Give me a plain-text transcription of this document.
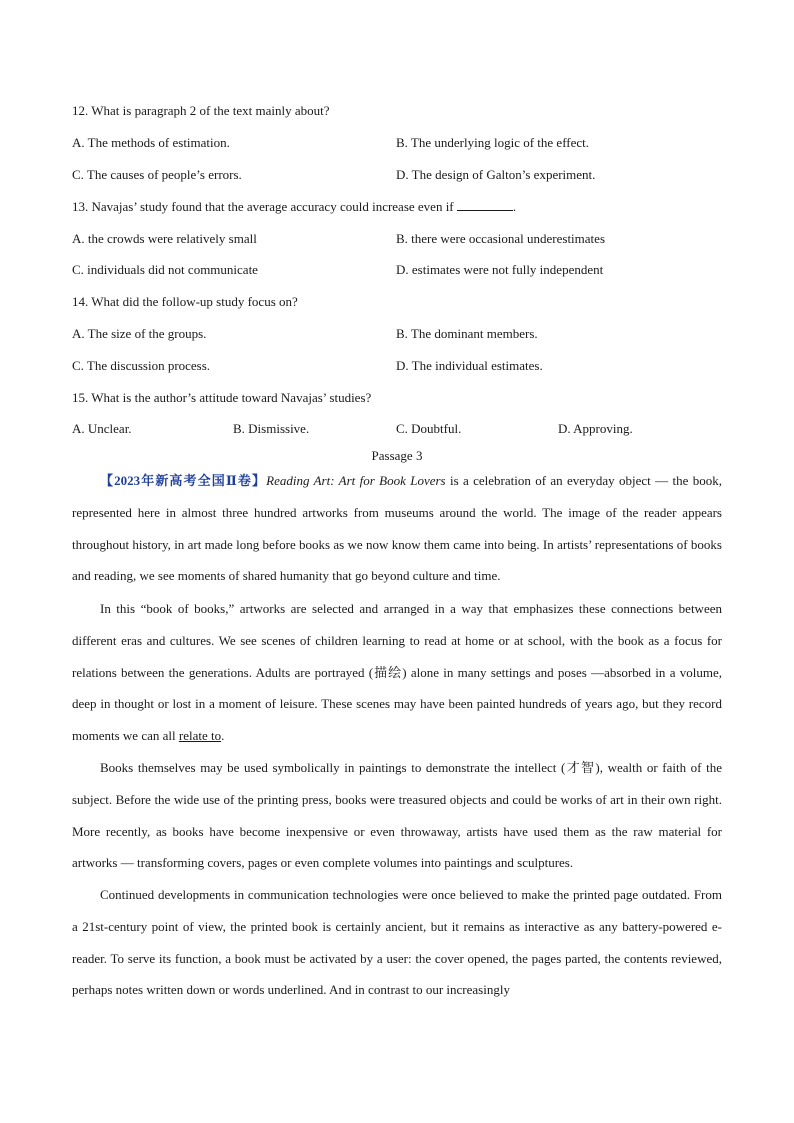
12. What is paragraph 2 of the text mainly about?
A. The methods of estimation.	B. The underlying logic of the effect.
C. The causes of people’s errors.	D. The design of Galton’s experiment.
13. Navajas’ study found that the average accuracy could increase even if	.
A. the crowds were relatively small	B. there were occasional underestimates
C. individuals did not communicate	D. estimates were not fully independent
14. What did the follow-up study focus on?
A. The size of the groups.	B. The dominant members.
C. The discussion process.	D. The individual estimates.
15. What is the author’s attitude toward Navajas’ studies?
A. Unclear.	B. Dismissive.	C. Doubtful.	D. Approving.
Passage 3
【2023年新高考全国Ⅱ卷】Reading Art: Art for Book Lovers is a celebration of an everyday object — the book, represented here in almost three hundred artworks from museums around the world. The image of the reader appears throughout history, in art made long before books as we now know them came into being. In artists’ representations of books and reading, we see moments of shared humanity that go beyond culture and time.
In this “book of books,” artworks are selected and arranged in a way that emphasizes these connections between different eras and cultures. We see scenes of children learning to read at home or at school, with the book as a focus for relations between the generations. Adults are portrayed (描绘) alone in many settings and poses —absorbed in a volume, deep in thought or lost in a moment of leisure. These scenes may have been painted hundreds of years ago, but they record moments we can all relate to.
Books themselves may be used symbolically in paintings to demonstrate the intellect (才智), wealth or faith of the subject. Before the wide use of the printing press, books were treasured objects and could be works of art in their own right. More recently, as books have become inexpensive or even throwaway, artists have used them as the raw material for artworks — transforming covers, pages or even complete volumes into paintings and sculptures.
Continued developments in communication technologies were once believed to make the printed page outdated. From a 21st-century point of view, the printed book is certainly ancient, but it remains as interactive as any battery-powered e-reader. To serve its function, a book must be activated by a user: the cover opened, the pages parted, the contents reviewed, perhaps notes written down or words underlined. And in contrast to our increasingly
